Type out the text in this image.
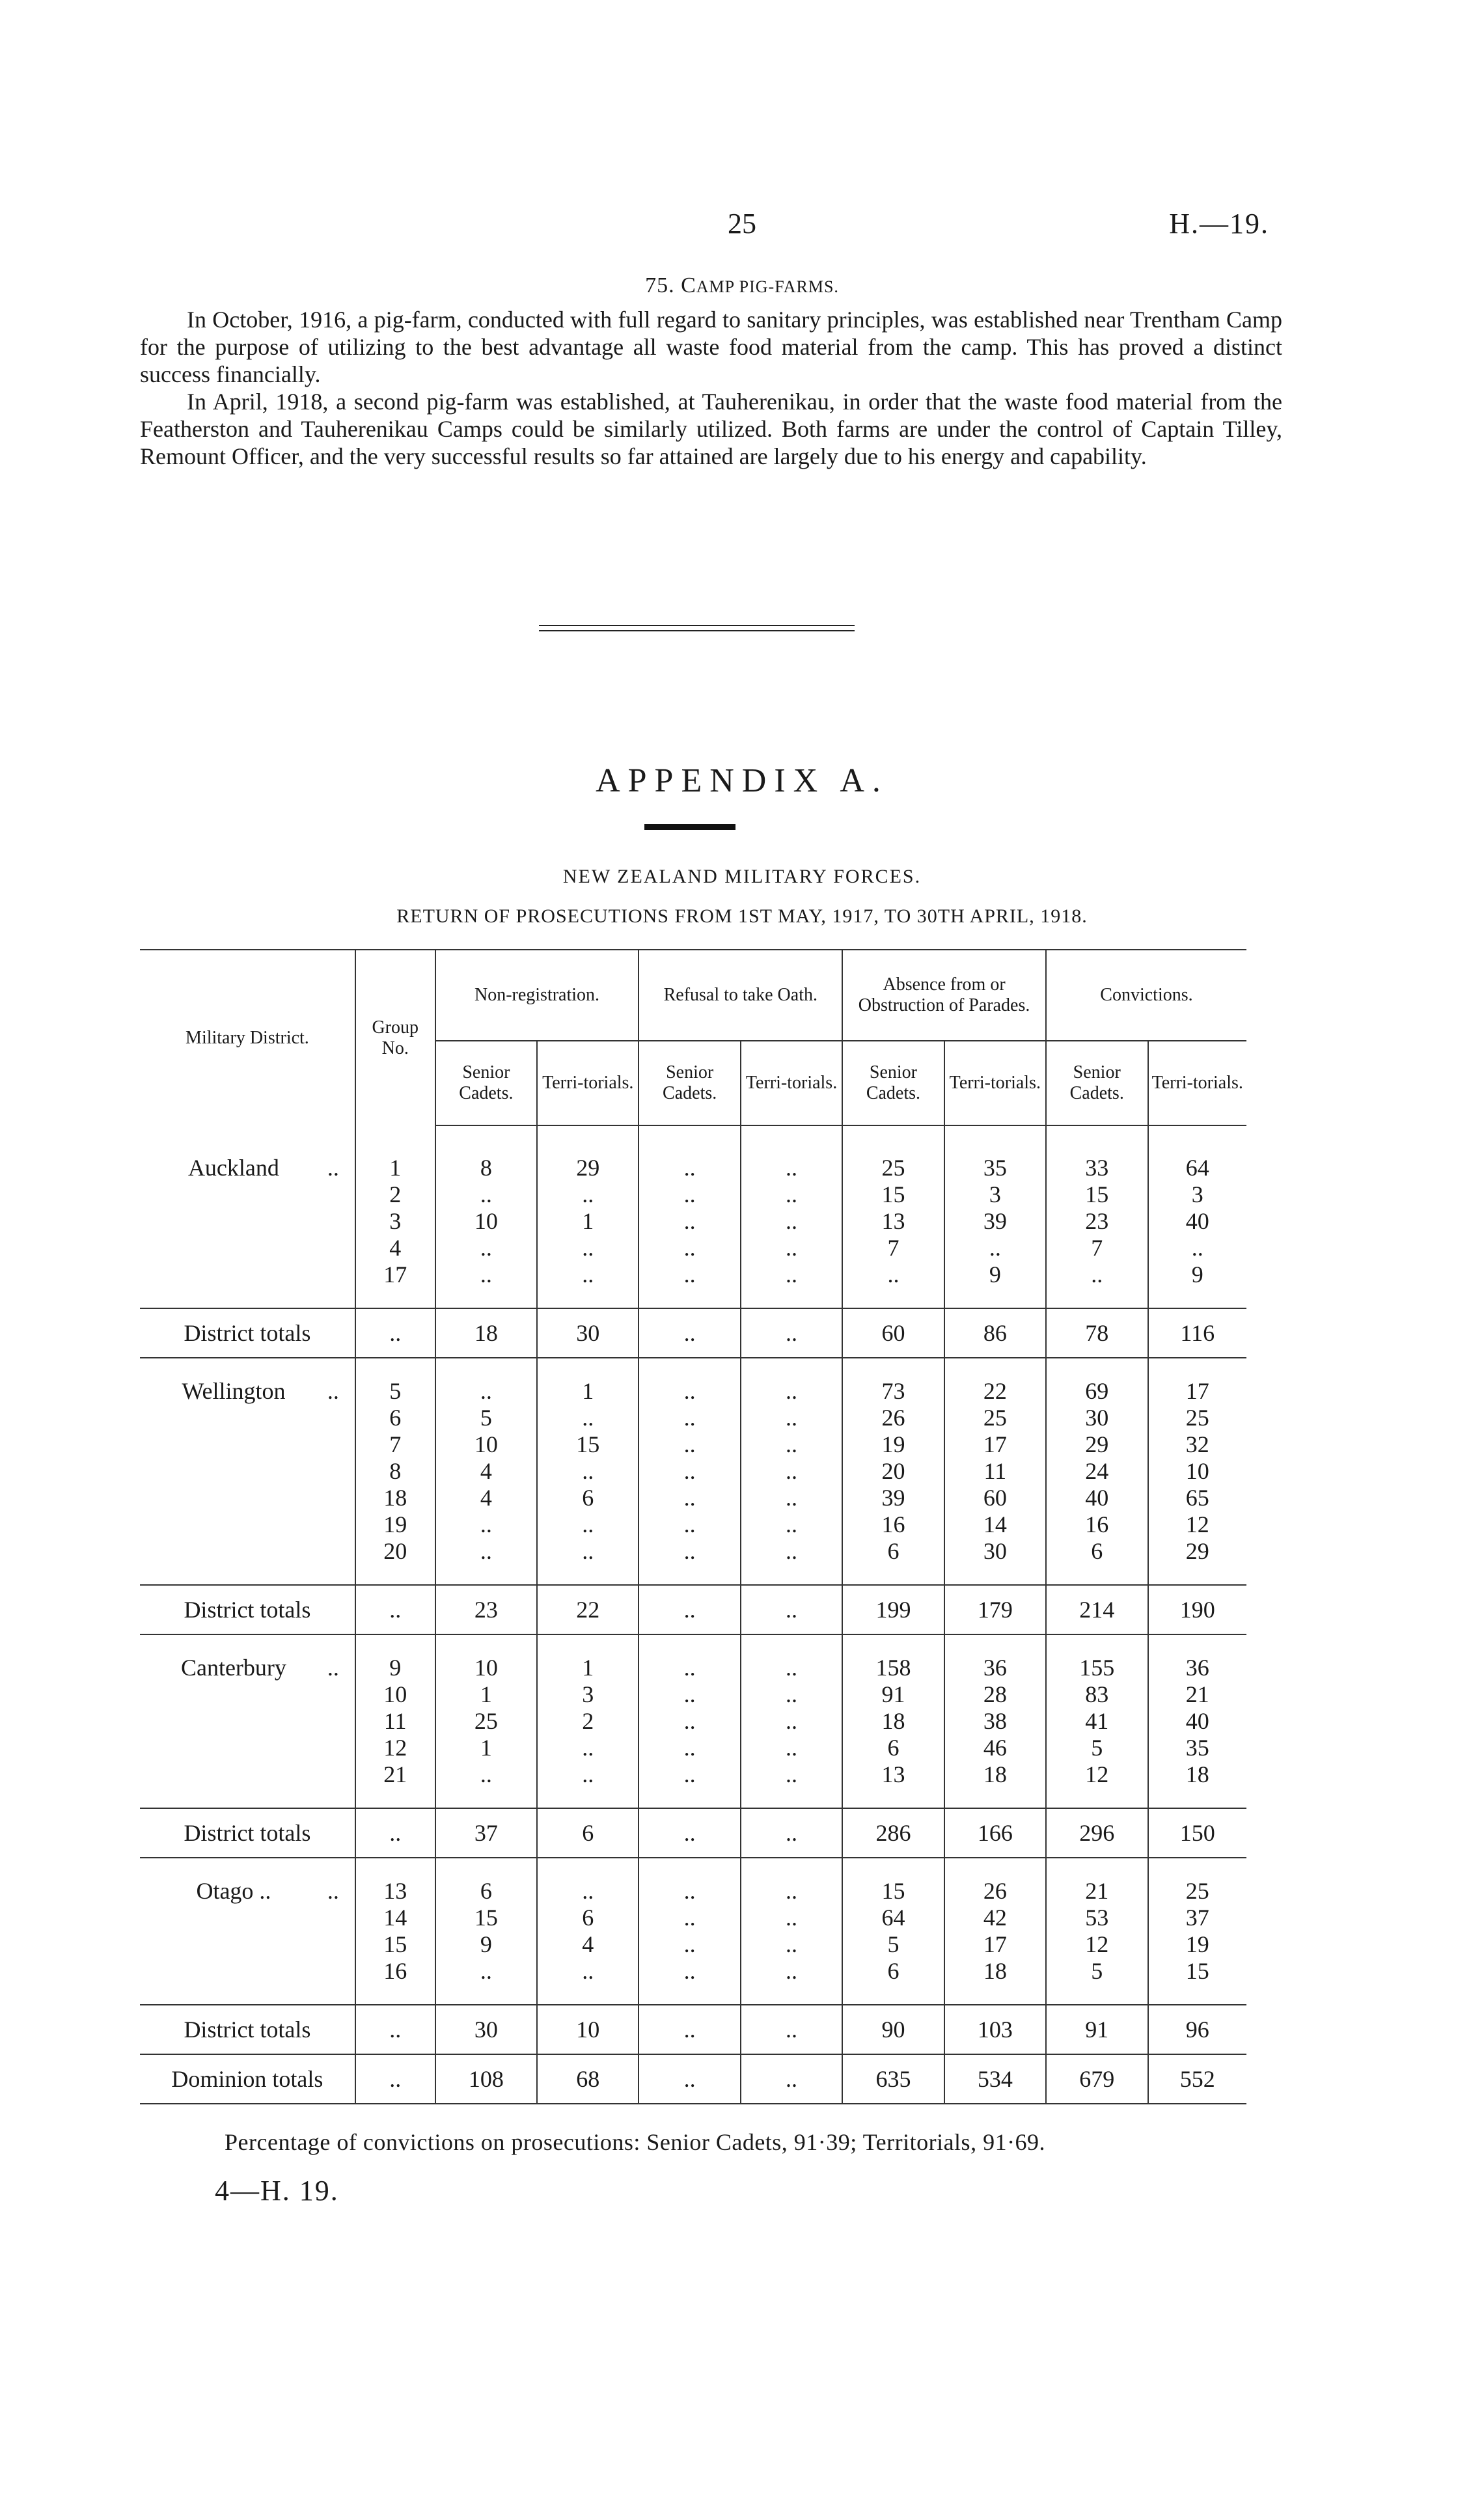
25	H.—19.
75. CAMP PIG-FARMS.
In October, 1916, a pig-farm, conducted with full regard to sanitary principles, was established near Trentham Camp for the purpose of utilizing to the best advantage all waste food material from the camp. This has proved a distinct success financially.
In April, 1918, a second pig-farm was established, at Tauherenikau, in order that the waste food material from the Featherston and Tauherenikau Camps could be similarly utilized. Both farms are under the control of Captain Tilley, Remount Officer, and the very successful results so far attained are largely due to his energy and capability.
APPENDIX A.
NEW ZEALAND MILITARY FORCES.
RETURN OF PROSECUTIONS FROM 1ST MAY, 1917, TO 30TH APRIL, 1918.
Military District.	Group No.	Non-registration.		Refusal to take Oath.		Absence from or Obstruction of Parades.		Convictions.	
		Senior Cadets.	Terri-torials.	Senior Cadets.	Terri-torials.	Senior Cadets.	Terri-torials.	Senior Cadets.	Terri-torials.

..
Auckland	1	8	29	..	..	25	35	33	64
	2	..	..	..	..	15	3	15	3
	3	10	1	..	..	13	39	23	40
	4	..	..	..	..	7	..	7	..
	17	..	..	..	..	..	9	..	9

District totals	..	18	30	..	..	60	86	78	116

..
Wellington	5	..	1	..	..	73	22	69	17
	6	5	..	..	..	26	25	30	25
	7	10	15	..	..	19	17	29	32
	8	4	..	..	..	20	11	24	10
	18	4	6	..	..	39	60	40	65
	19	..	..	..	..	16	14	16	12
	20	..	..	..	..	6	30	6	29

District totals	..	23	22	..	..	199	179	214	190

..
Canterbury	9	10	1	..	..	158	36	155	36
	10	1	3	..	..	91	28	83	21
	11	25	2	..	..	18	38	41	40
	12	1	..	..	..	6	46	5	35
	21	..	..	..	..	13	18	12	18

District totals	..	37	6	..	..	286	166	296	150

..
Otago ..	13	6	..	..	..	15	26	21	25
	14	15	6	..	..	64	42	53	37
	15	9	4	..	..	5	17	12	19
	16	..	..	..	..	6	18	5	15

District totals	..	30	10	..	..	90	103	91	96
Dominion totals	..	108	68	..	..	635	534	679	552

Percentage of convictions on prosecutions: Senior Cadets, 91·39; Territorials, 91·69.
4—H. 19.
